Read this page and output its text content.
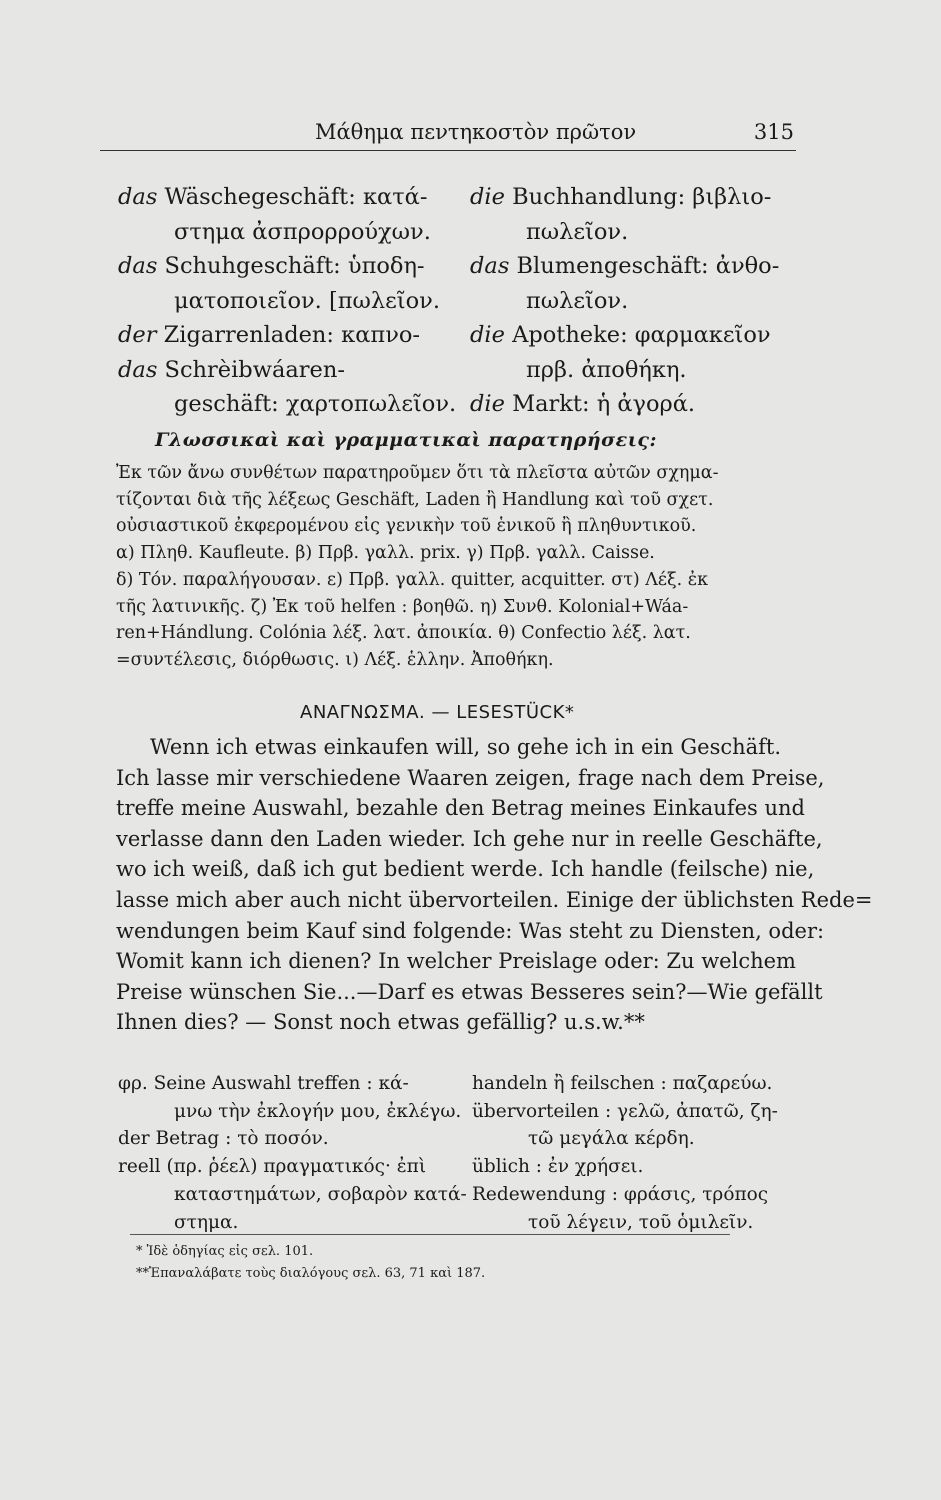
Μάθημα πεντηκοστὸν πρῶτον	315
das Wäschegeschäft: κατά-
στημα ἀσπρορρούχων.
das Schuhgeschäft: ὑποδη-
ματοποιεῖον. [πωλεῖον.
der Zigarrenladen: καπνο-
das Schrèibwáaren-
geschäft: χαρτοπωλεῖον.
die Buchhandlung: βιβλιο-
πωλεῖον.
das Blumengeschäft: ἀνθο-
πωλεῖον.
die Apotheke: φαρμακεῖον
πρβ. ἀποθήκη.
die Markt: ἡ ἀγορά.
Γλωσσικαὶ καὶ γραμματικαὶ παρατηρήσεις:
Ἐκ τῶν ἄνω συνθέτων παρατηροῦμεν ὅτι τὰ πλεῖστα αὐτῶν σχημα-
τίζονται διὰ τῆς λέξεως Geschäft, Laden ἢ Handlung καὶ τοῦ σχετ.
οὐσιαστικοῦ ἐκφερομένου εἰς γενικὴν τοῦ ἑνικοῦ ἢ πληθυντικοῦ.
α) Πληθ. Kaufleute. β) Πρβ. γαλλ. prix. γ) Πρβ. γαλλ. Caisse.
δ) Τόν. παραλήγουσαν. ε) Πρβ. γαλλ. quitter, acquitter. στ) Λέξ. ἐκ
τῆς λατινικῆς. ζ) Ἐκ τοῦ helfen : βοηθῶ. η) Συνθ. Kolonial+Wáa-
ren+Hándlung. Colónia λέξ. λατ. ἀποικία. θ) Confectio λέξ. λατ.
=συντέλεσις, διόρθωσις. ι) Λέξ. ἑλλην. Ἀποθήκη.
ΑΝΑΓΝΩΣΜΑ. — LESESTÜCK*
Wenn ich etwas einkaufen will, so gehe ich in ein Geschäft.
Ich lasse mir verschiedene Waaren zeigen, frage nach dem Preise,
treffe meine Auswahl, bezahle den Betrag meines Einkaufes und
verlasse dann den Laden wieder. Ich gehe nur in reelle Geschäfte,
wo ich weiß, daß ich gut bedient werde. Ich handle (feilsche) nie,
lasse mich aber auch nicht übervorteilen. Einige der üblichsten Rede=
wendungen beim Kauf sind folgende: Was steht zu Diensten, oder:
Womit kann ich dienen? In welcher Preislage oder: Zu welchem
Preise wünschen Sie...—Darf es etwas Besseres sein?—Wie gefällt
Ihnen dies? — Sonst noch etwas gefällig? u.s.w.**
φρ. Seine Auswahl treffen : κά-
μνω τὴν ἐκλογήν μου, ἐκλέγω.
der Betrag : τὸ ποσόν.
reell (πρ. ῥέελ) πραγματικός· ἐπὶ
καταστημάτων, σοβαρὸν κατά-
στημα.
handeln ἢ feilschen : παζαρεύω.
übervorteilen : γελῶ, ἀπατῶ, ζη-
τῶ μεγάλα κέρδη.
üblich : ἐν χρήσει.
Redewendung : φράσις, τρόπος
τοῦ λέγειν, τοῦ ὁμιλεῖν.
* Ἰδὲ ὁδηγίας εἰς σελ. 101.
**Ἐπαναλάβατε τοὺς διαλόγους σελ. 63, 71 καὶ 187.
